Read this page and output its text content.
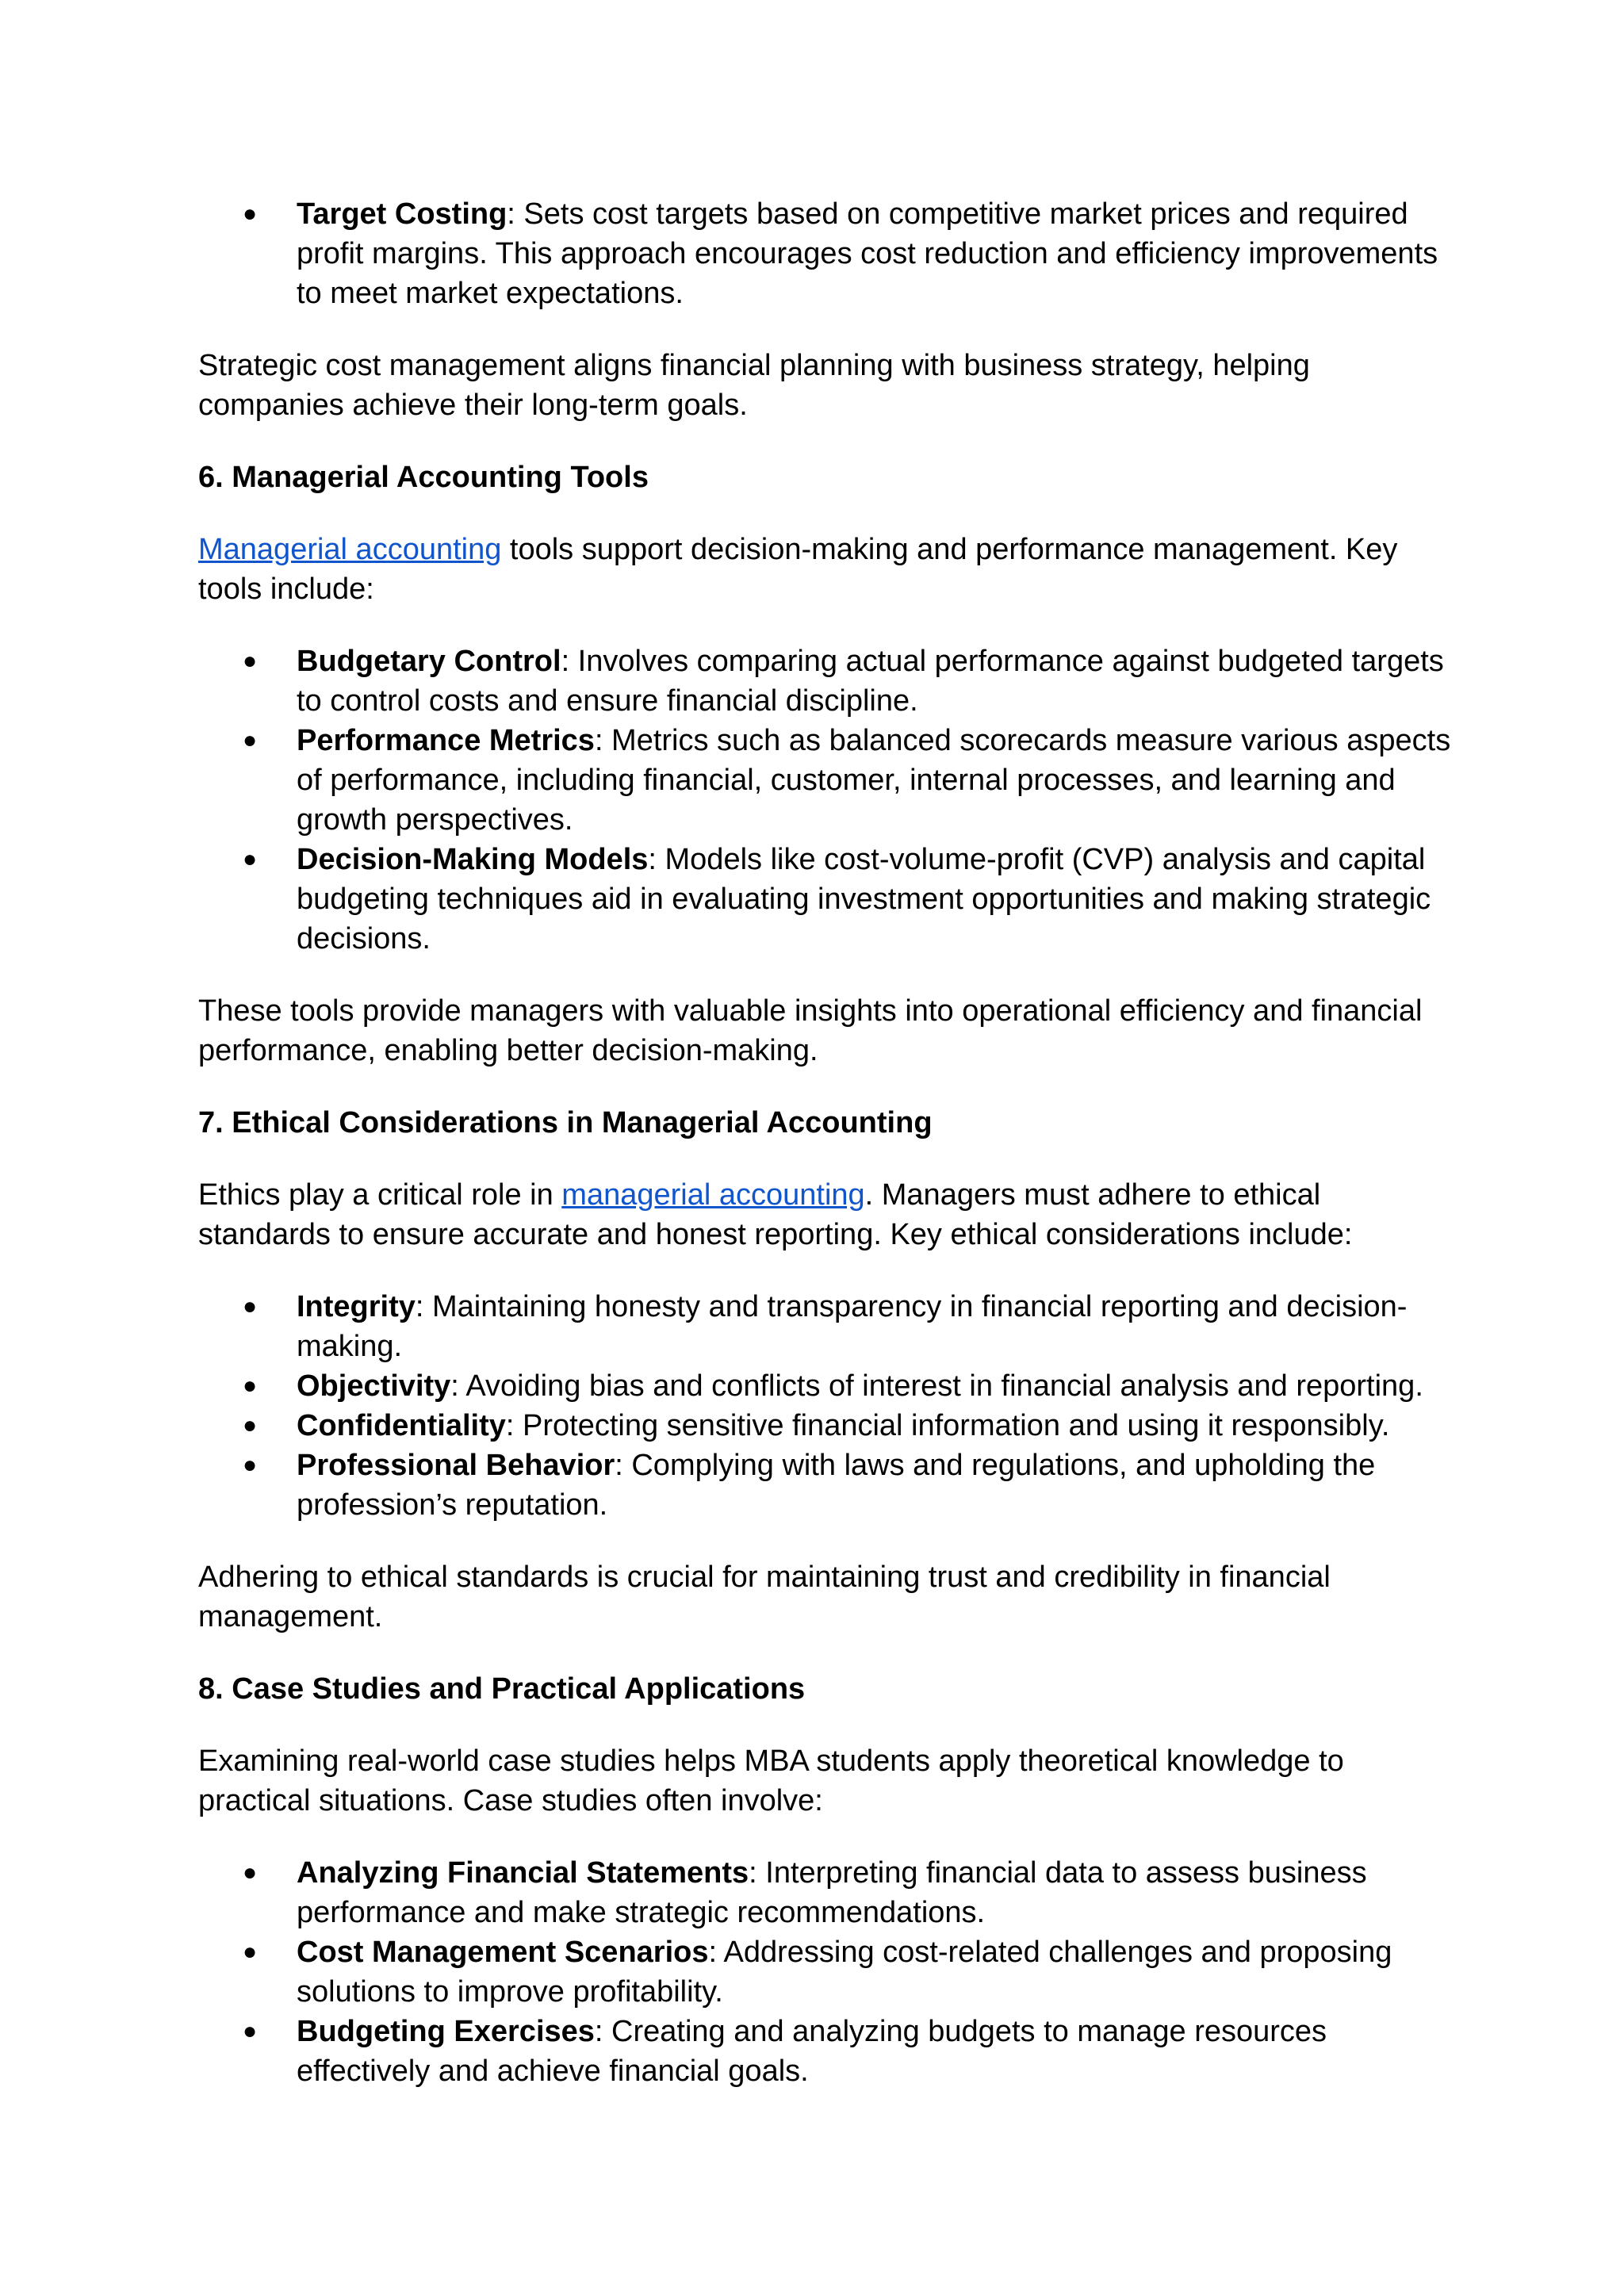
● Target Costing: Sets cost targets based on competitive market prices and required profit margins. This approach encourages cost reduction and efficiency improvements to meet market expectations.

Strategic cost management aligns financial planning with business strategy, helping companies achieve their long-term goals.

6. Managerial Accounting Tools

Managerial accounting tools support decision-making and performance management. Key tools include:

● Budgetary Control: Involves comparing actual performance against budgeted targets to control costs and ensure financial discipline.
● Performance Metrics: Metrics such as balanced scorecards measure various aspects of performance, including financial, customer, internal processes, and learning and growth perspectives.
● Decision-Making Models: Models like cost-volume-profit (CVP) analysis and capital budgeting techniques aid in evaluating investment opportunities and making strategic decisions.

These tools provide managers with valuable insights into operational efficiency and financial performance, enabling better decision-making.

7. Ethical Considerations in Managerial Accounting

Ethics play a critical role in managerial accounting. Managers must adhere to ethical standards to ensure accurate and honest reporting. Key ethical considerations include:

● Integrity: Maintaining honesty and transparency in financial reporting and decision-making.
● Objectivity: Avoiding bias and conflicts of interest in financial analysis and reporting.
● Confidentiality: Protecting sensitive financial information and using it responsibly.
● Professional Behavior: Complying with laws and regulations, and upholding the profession’s reputation.

Adhering to ethical standards is crucial for maintaining trust and credibility in financial management.

8. Case Studies and Practical Applications

Examining real-world case studies helps MBA students apply theoretical knowledge to practical situations. Case studies often involve:

● Analyzing Financial Statements: Interpreting financial data to assess business performance and make strategic recommendations.
● Cost Management Scenarios: Addressing cost-related challenges and proposing solutions to improve profitability.
● Budgeting Exercises: Creating and analyzing budgets to manage resources effectively and achieve financial goals.
